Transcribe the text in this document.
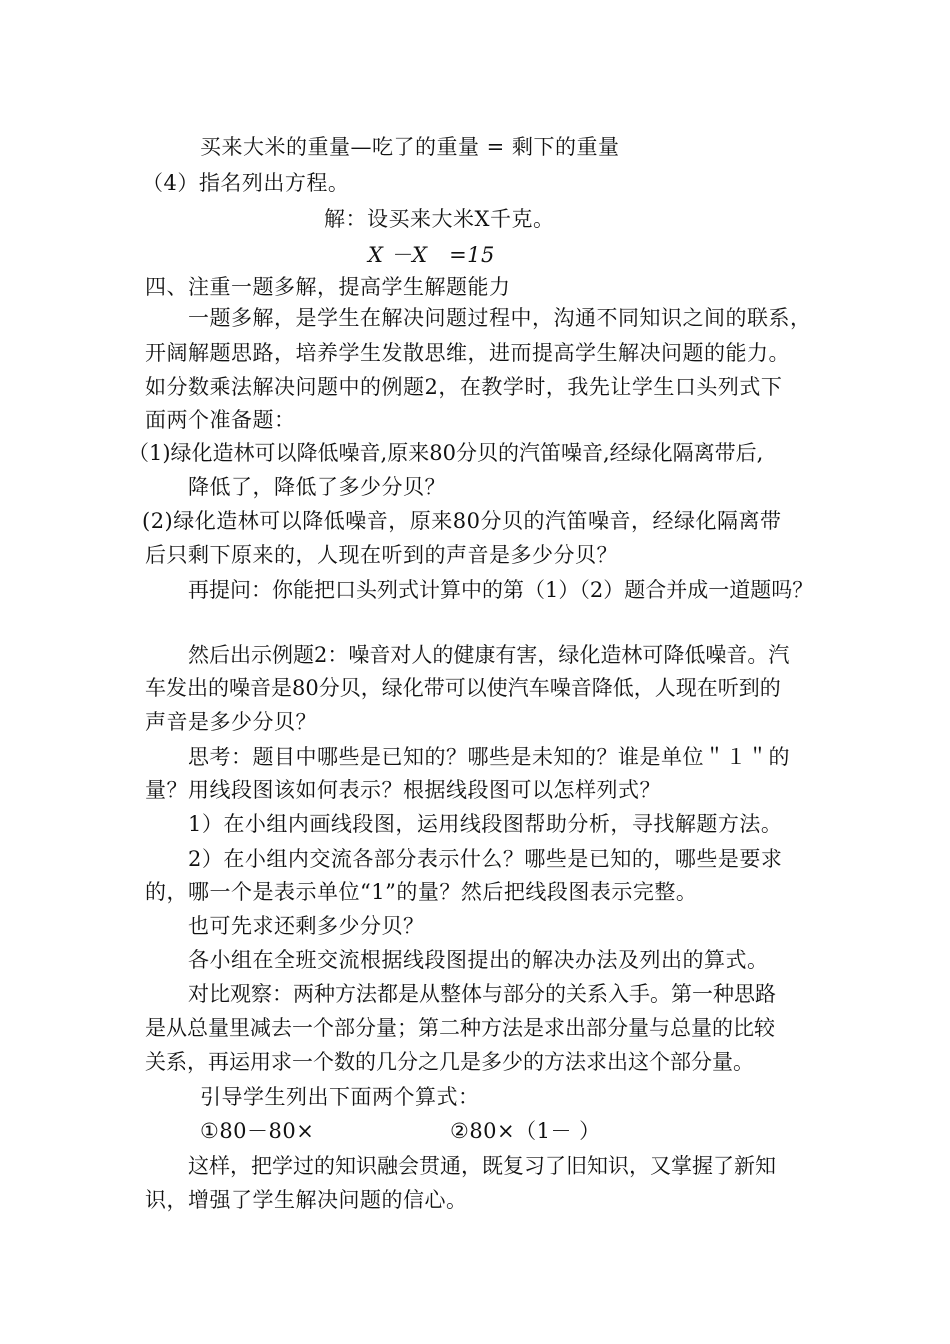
买来大米的重量—吃了的重量 = 剩下的重量
（4）指名列出方程。
解：设买来大米Ⅹ千克。
X －X　=15
四、注重一题多解，提高学生解题能力
一题多解，是学生在解决问题过程中，沟通不同知识之间的联系，
开阔解题思路，培养学生发散思维，进而提高学生解决问题的能力。
如分数乘法解决问题中的例题2，在教学时，我先让学生口头列式下
面两个准备题：
（1)绿化造林可以降低噪音,原来80分贝的汽笛噪音,经绿化隔离带后,
降低了，降低了多少分贝？
(2)绿化造林可以降低噪音，原来80分贝的汽笛噪音，经绿化隔离带
后只剩下原来的，人现在听到的声音是多少分贝？
再提问：你能把口头列式计算中的第（1）（2）题合并成一道题吗？
然后出示例题2：噪音对人的健康有害，绿化造林可降低噪音。汽
车发出的噪音是80分贝，绿化带可以使汽车噪音降低，人现在听到的
声音是多少分贝？
思考：题目中哪些是已知的？哪些是未知的？谁是单位＂１＂的
量？用线段图该如何表示？根据线段图可以怎样列式？
1）在小组内画线段图，运用线段图帮助分析，寻找解题方法。
2）在小组内交流各部分表示什么？哪些是已知的，哪些是要求
的，哪一个是表示单位“1”的量？然后把线段图表示完整。
也可先求还剩多少分贝？
各小组在全班交流根据线段图提出的解决办法及列出的算式。
对比观察：两种方法都是从整体与部分的关系入手。第一种思路
是从总量里减去一个部分量；第二种方法是求出部分量与总量的比较
关系，再运用求一个数的几分之几是多少的方法求出这个部分量。
引导学生列出下面两个算式：
①80－80×	②80×（1－ ）
这样，把学过的知识融会贯通，既复习了旧知识，又掌握了新知
识，增强了学生解决问题的信心。
